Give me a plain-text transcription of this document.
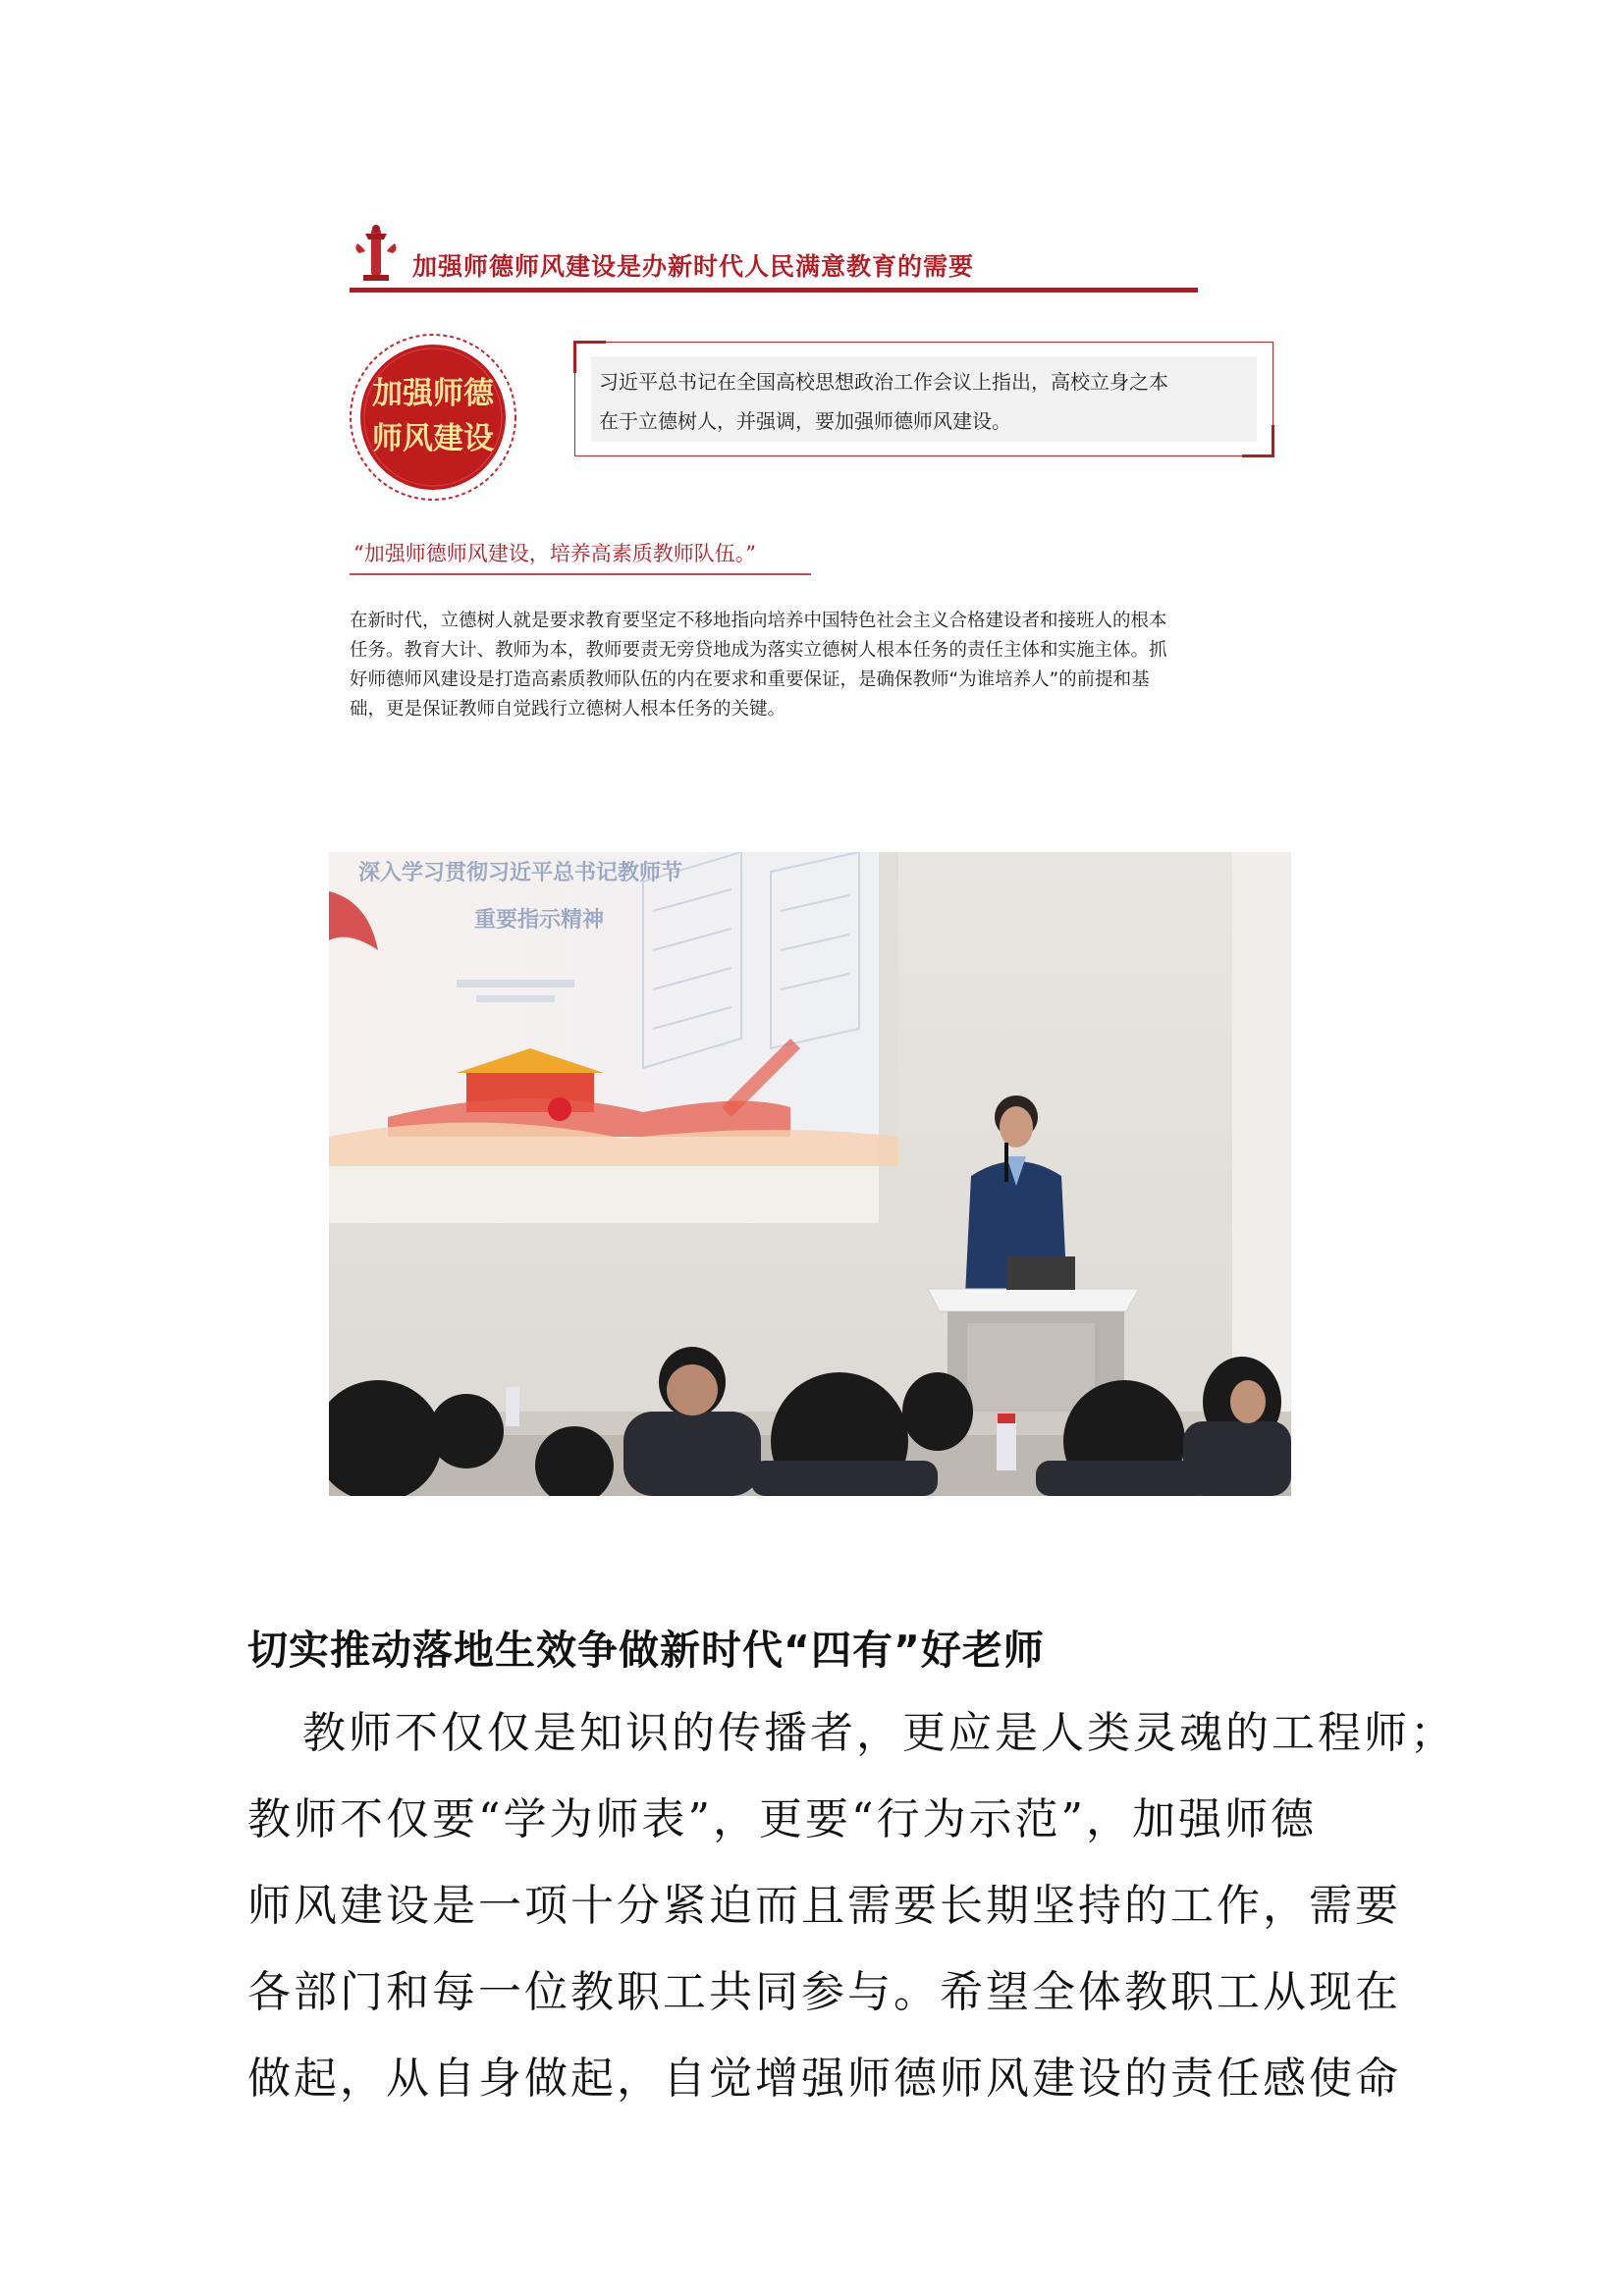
加强师德师风建设是办新时代人民满意教育的需要
加强师德
师风建设
习近平总书记在全国高校思想政治工作会议上指出，高校立身之本
在于立德树人，并强调，要加强师德师风建设。
“加强师德师风建设，培养高素质教师队伍。”
在新时代，立德树人就是要求教育要坚定不移地指向培养中国特色社会主义合格建设者和接班人的根本
任务。教育大计、教师为本，教师要责无旁贷地成为落实立德树人根本任务的责任主体和实施主体。抓
好师德师风建设是打造高素质教师队伍的内在要求和重要保证，是确保教师“为谁培养人”的前提和基
础，更是保证教师自觉践行立德树人根本任务的关键。
深入学习贯彻习近平总书记教师节
重要指示精神
切实推动落地生效争做新时代“四有”好老师
教师不仅仅是知识的传播者，更应是人类灵魂的工程师；
教师不仅要“学为师表”，更要“行为示范”，加强师德
师风建设是一项十分紧迫而且需要长期坚持的工作，需要
各部门和每一位教职工共同参与。希望全体教职工从现在
做起，从自身做起，自觉增强师德师风建设的责任感使命
